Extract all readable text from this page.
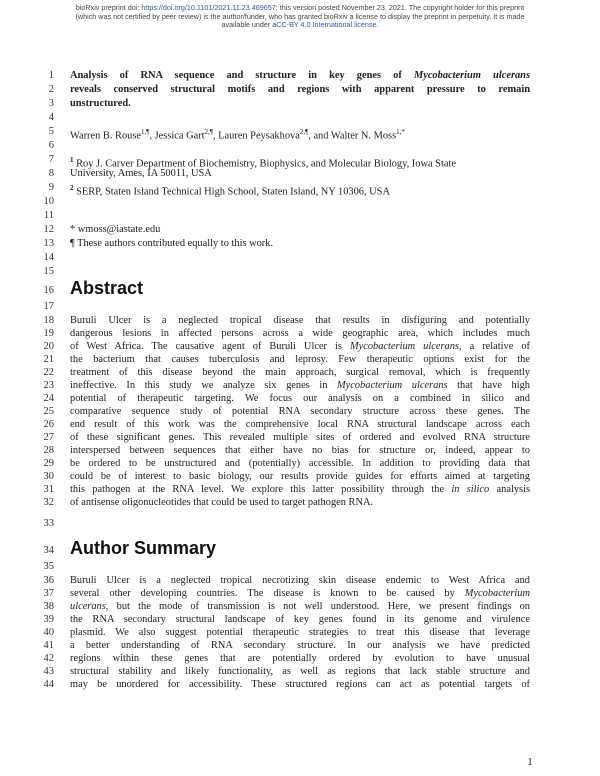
bioRxiv preprint doi: https://doi.org/10.1101/2021.11.23.469657; this version posted November 23, 2021. The copyright holder for this preprint
(which was not certified by peer review) is the author/funder, who has granted bioRxiv a license to display the preprint in perpetuity. It is made
available under aCC-BY 4.0 International license.
1 Analysis of RNA sequence and structure in key genes of Mycobacterium ulcerans
2 reveals conserved structural motifs and regions with apparent pressure to remain
3 unstructured.
4
5 Warren B. Rouse$^{1,\P}$, Jessica Gart$^{2,\P}$, Lauren Peysakhova$^{2,\P}$, and Walter N. Moss$^{1,*}$
6
7 $^1$ Roy J. Carver Department of Biochemistry, Biophysics, and Molecular Biology, Iowa State
8 University, Ames, IA 50011, USA
9 $^2$ SERP, Staten Island Technical High School, Staten Island, NY 10306, USA
10
11
12 * wmoss@iastate.edu
13 ¶ These authors contributed equally to this work.
14
15
16 Abstract
17
18 Buruli Ulcer is a neglected tropical disease that results in disfiguring and potentially
19 dangerous lesions in affected persons across a wide geographic area, which includes much
20 of West Africa. The causative agent of Buruli Ulcer is Mycobacterium ulcerans, a relative of
21 the bacterium that causes tuberculosis and leprosy. Few therapeutic options exist for the
22 treatment of this disease beyond the main approach, surgical removal, which is frequently
23 ineffective. In this study we analyze six genes in Mycobacterium ulcerans that have high
24 potential of therapeutic targeting. We focus our analysis on a combined in silico and
25 comparative sequence study of potential RNA secondary structure across these genes. The
26 end result of this work was the comprehensive local RNA structural landscape across each
27 of these significant genes. This revealed multiple sites of ordered and evolved RNA structure
28 interspersed between sequences that either have no bias for structure or, indeed, appear to
29 be ordered to be unstructured and (potentially) accessible. In addition to providing data that
30 could be of interest to basic biology, our results provide guides for efforts aimed at targeting
31 this pathogen at the RNA level. We explore this latter possibility through the in silico analysis
32 of antisense oligonucleotides that could be used to target pathogen RNA.
33
34 Author Summary
35
36 Buruli Ulcer is a neglected tropical necrotizing skin disease endemic to West Africa and
37 several other developing countries. The disease is known to be caused by Mycobacterium
38 ulcerans, but the mode of transmission is not well understood. Here, we present findings on
39 the RNA secondary structural landscape of key genes found in its genome and virulence
40 plasmid. We also suggest potential therapeutic strategies to treat this disease that leverage
41 a better understanding of RNA secondary structure. In our analysis we have predicted
42 regions within these genes that are potentially ordered by evolution to have unusual
43 structural stability and likely functionality, as well as regions that lack stable structure and
44 may be unordered for accessibility. These structured regions can act as potential targets of
1
